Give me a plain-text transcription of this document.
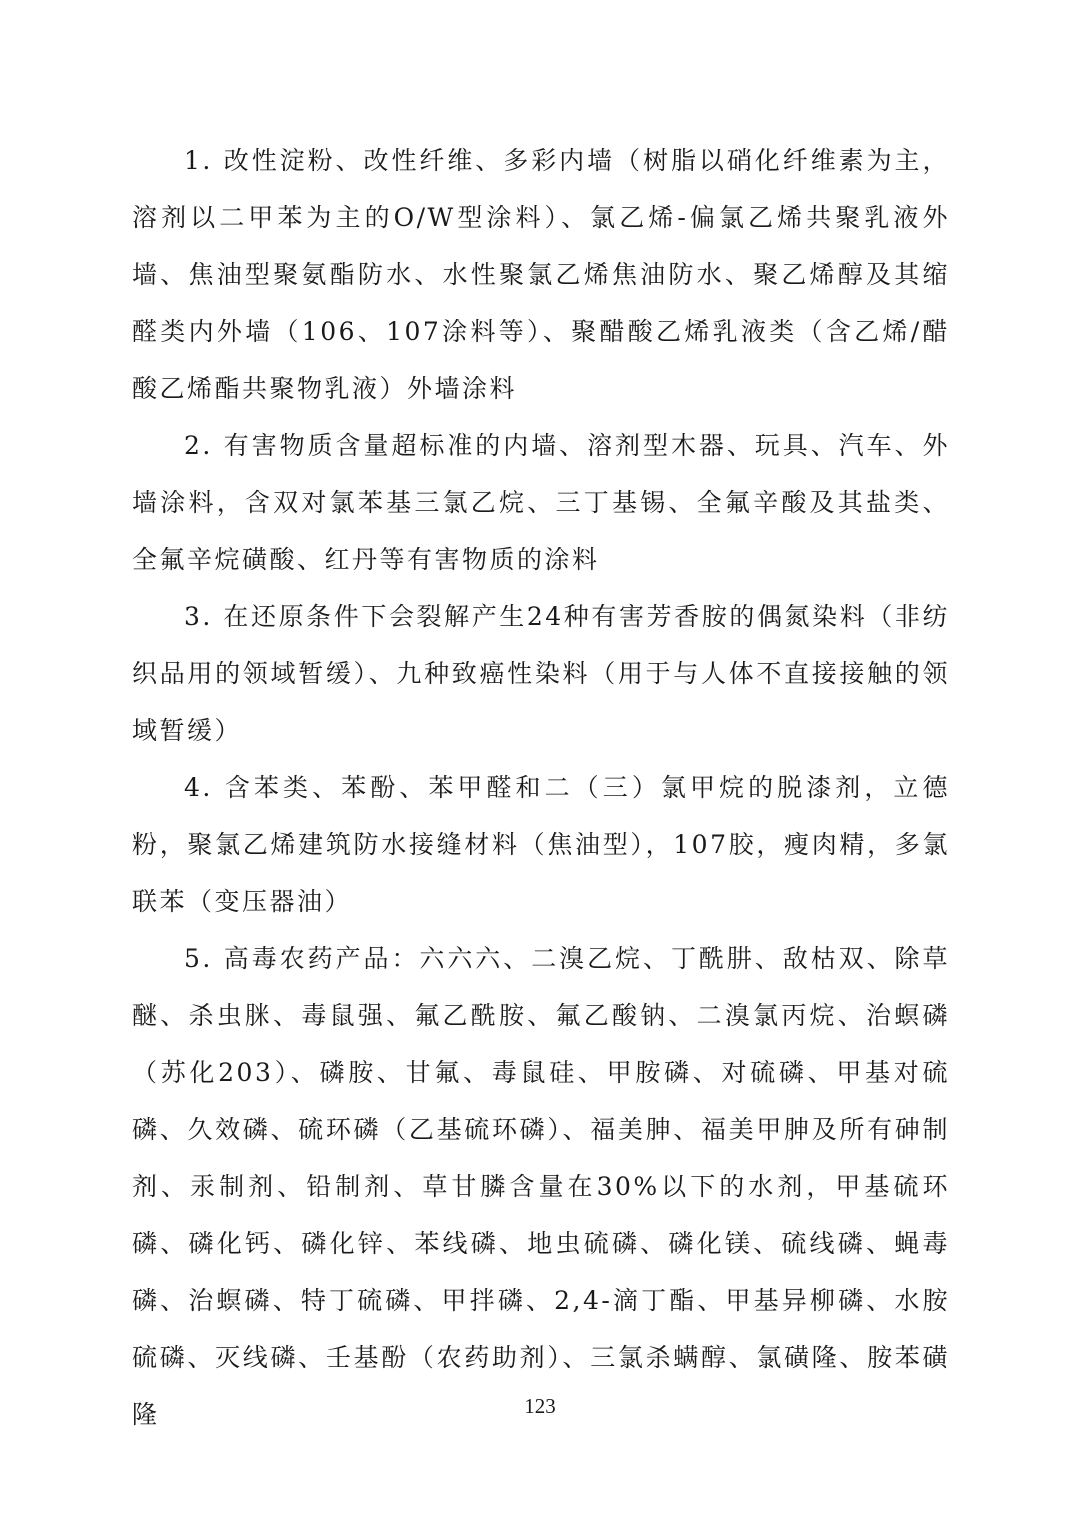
1. 改性淀粉、改性纤维、多彩内墙（树脂以硝化纤维素为主，溶剂以二甲苯为主的O/W型涂料）、氯乙烯-偏氯乙烯共聚乳液外墙、焦油型聚氨酯防水、水性聚氯乙烯焦油防水、聚乙烯醇及其缩醛类内外墙（106、107涂料等）、聚醋酸乙烯乳液类（含乙烯/醋酸乙烯酯共聚物乳液）外墙涂料

2. 有害物质含量超标准的内墙、溶剂型木器、玩具、汽车、外墙涂料，含双对氯苯基三氯乙烷、三丁基锡、全氟辛酸及其盐类、全氟辛烷磺酸、红丹等有害物质的涂料

3. 在还原条件下会裂解产生24种有害芳香胺的偶氮染料（非纺织品用的领域暂缓）、九种致癌性染料（用于与人体不直接接触的领域暂缓）

4. 含苯类、苯酚、苯甲醛和二（三）氯甲烷的脱漆剂，立德粉，聚氯乙烯建筑防水接缝材料（焦油型），107胶，瘦肉精，多氯联苯（变压器油）

5. 高毒农药产品：六六六、二溴乙烷、丁酰肼、敌枯双、除草醚、杀虫脒、毒鼠强、氟乙酰胺、氟乙酸钠、二溴氯丙烷、治螟磷（苏化203）、磷胺、甘氟、毒鼠硅、甲胺磷、对硫磷、甲基对硫磷、久效磷、硫环磷（乙基硫环磷）、福美胂、福美甲胂及所有砷制剂、汞制剂、铅制剂、草甘膦含量在30%以下的水剂，甲基硫环磷、磷化钙、磷化锌、苯线磷、地虫硫磷、磷化镁、硫线磷、蝇毒磷、治螟磷、特丁硫磷、甲拌磷、2,4-滴丁酯、甲基异柳磷、水胺硫磷、灭线磷、壬基酚（农药助剂）、三氯杀螨醇、氯磺隆、胺苯磺隆	123
